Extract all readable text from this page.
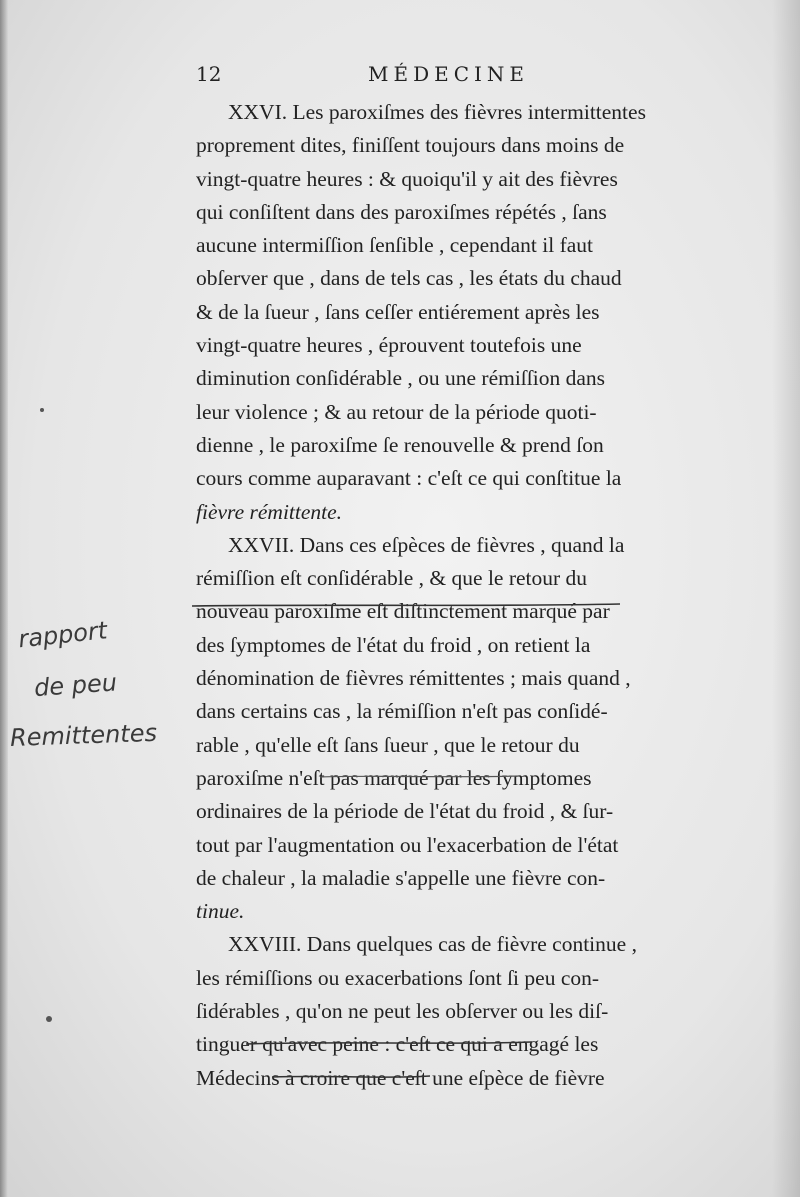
12	MÉDECINE
XXVI. Les paroxiſmes des fièvres intermittentes
proprement dites, finiſſent toujours dans moins de
vingt-quatre heures : & quoiqu'il y ait des fièvres
qui conſiſtent dans des paroxiſmes répétés , ſans
aucune intermiſſion ſenſible , cependant il faut
obſerver que , dans de tels cas , les états du chaud
& de la ſueur , ſans ceſſer entiérement après les
vingt-quatre heures , éprouvent toutefois une
diminution conſidérable , ou une rémiſſion dans
leur violence ; & au retour de la période quoti-
dienne , le paroxiſme ſe renouvelle & prend ſon
cours comme auparavant : c'eſt ce qui conſtitue la
fièvre rémittente.
XXVII. Dans ces eſpèces de fièvres , quand la
rémiſſion eſt conſidérable , & que le retour du
nouveau paroxiſme eſt diſtinctement marqué par
des ſymptomes de l'état du froid , on retient la
dénomination de fièvres rémittentes ; mais quand ,
dans certains cas , la rémiſſion n'eſt pas conſidé-
rable , qu'elle eſt ſans ſueur , que le retour du
paroxiſme n'eſt pas marqué par les ſymptomes
ordinaires de la période de l'état du froid , & ſur-
tout par l'augmentation ou l'exacerbation de l'état
de chaleur , la maladie s'appelle une fièvre con-
tinue.
XXVIII. Dans quelques cas de fièvre continue ,
les rémiſſions ou exacerbations ſont ſi peu con-
ſidérables , qu'on ne peut les obſerver ou les diſ-
tinguer qu'avec peine : c'eſt ce qui a engagé les
Médecins à croire que c'eſt une eſpèce de fièvre
rapport
de peu
Remittentes
